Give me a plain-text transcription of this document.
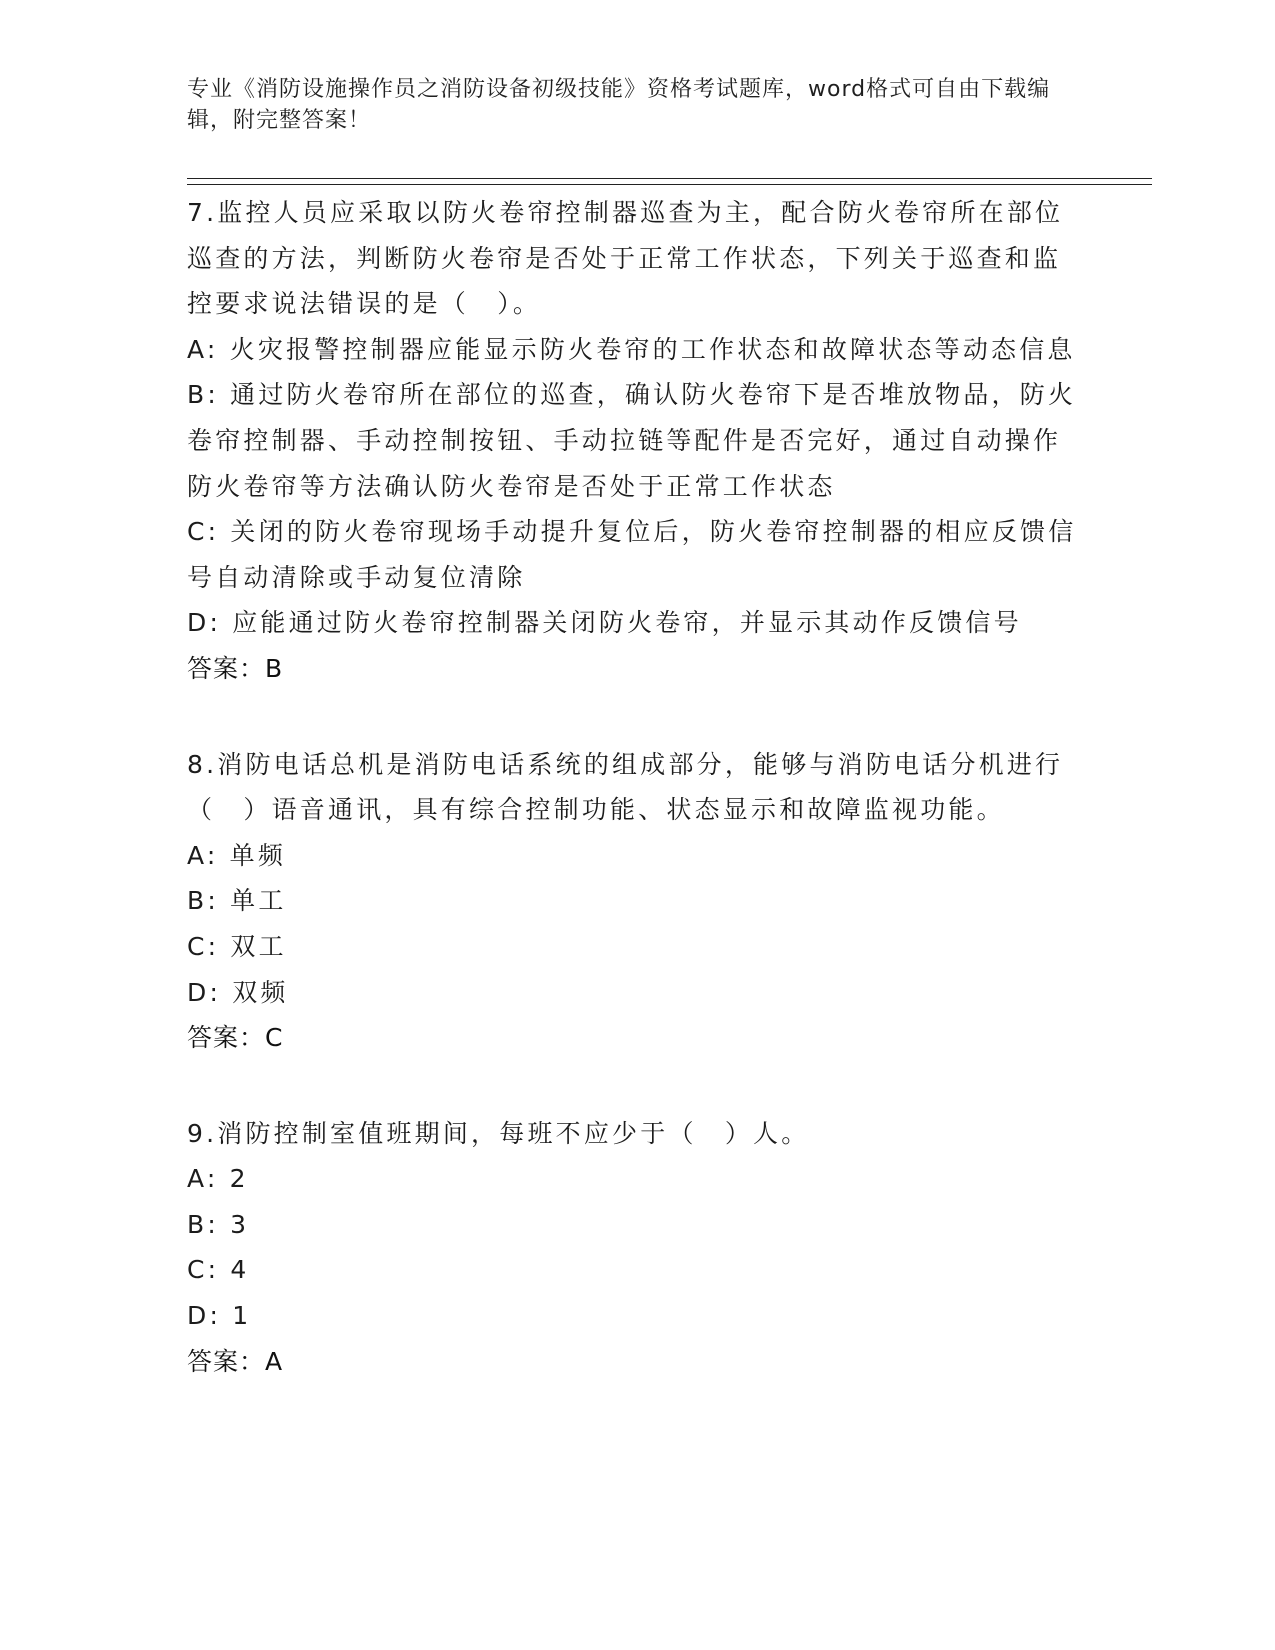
专业《消防设施操作员之消防设备初级技能》资格考试题库，word格式可自由下载编辑，附完整答案！
7.监控人员应采取以防火卷帘控制器巡查为主，配合防火卷帘所在部位巡查的方法，判断防火卷帘是否处于正常工作状态，下列关于巡查和监控要求说法错误的是（　）。
A: 火灾报警控制器应能显示防火卷帘的工作状态和故障状态等动态信息
B: 通过防火卷帘所在部位的巡查，确认防火卷帘下是否堆放物品，防火卷帘控制器、手动控制按钮、手动拉链等配件是否完好，通过自动操作防火卷帘等方法确认防火卷帘是否处于正常工作状态
C: 关闭的防火卷帘现场手动提升复位后，防火卷帘控制器的相应反馈信号自动清除或手动复位清除
D: 应能通过防火卷帘控制器关闭防火卷帘，并显示其动作反馈信号
答案：B
8.消防电话总机是消防电话系统的组成部分，能够与消防电话分机进行（　）语音通讯，具有综合控制功能、状态显示和故障监视功能。
A: 单频
B: 单工
C: 双工
D: 双频
答案：C
9.消防控制室值班期间，每班不应少于（　）人。
A: 2
B: 3
C: 4
D: 1
答案：A
